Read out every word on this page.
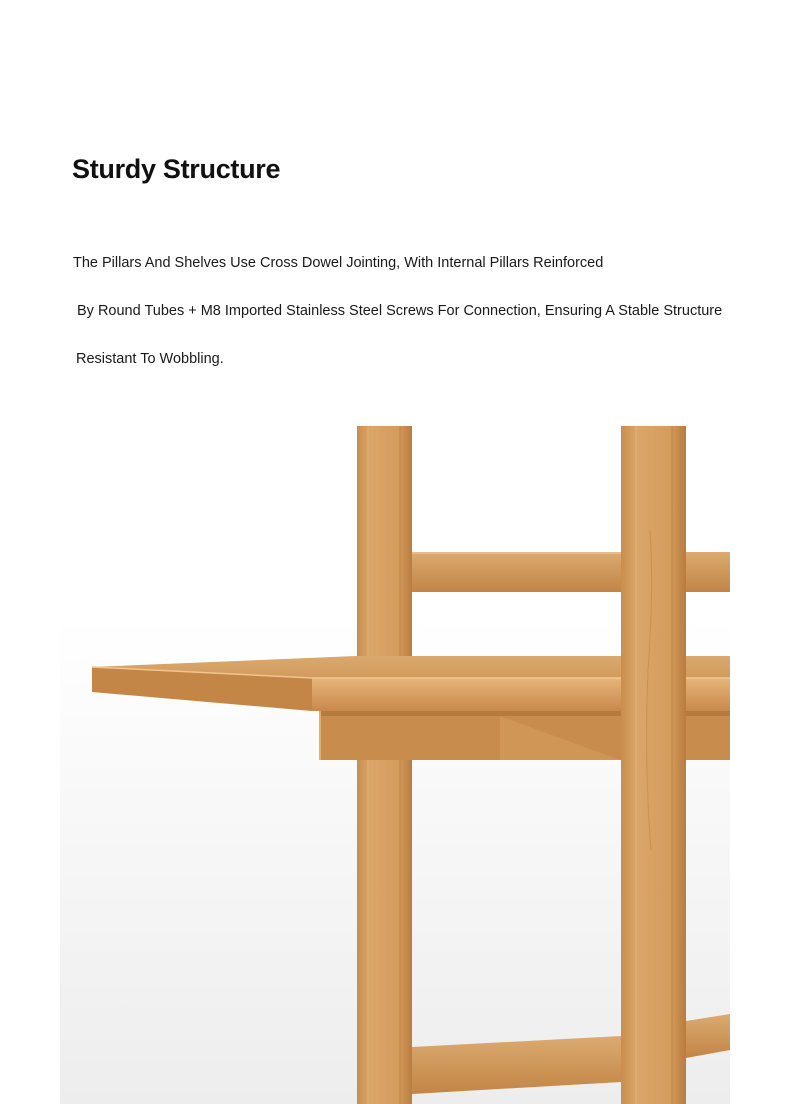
Sturdy Structure

The Pillars And Shelves Use Cross Dowel Jointing, With Internal Pillars Reinforced

By Round Tubes + M8 Imported Stainless Steel Screws For Connection, Ensuring A Stable Structure

Resistant To Wobbling.
